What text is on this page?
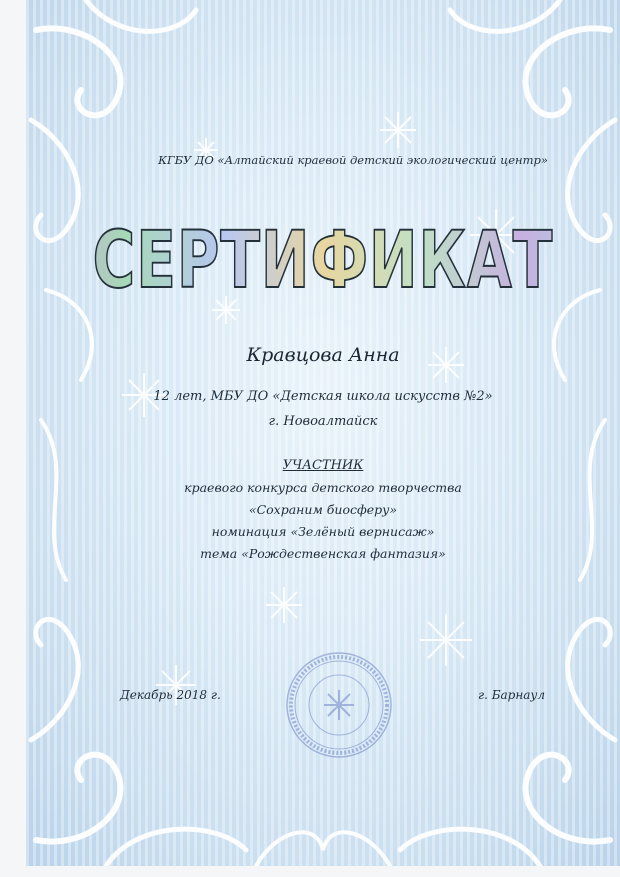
КГБУ ДО «Алтайский краевой детский экологический центр»
СЕРТИФИКАТ
Кравцова Анна
12 лет, МБУ ДО «Детская школа искусств №2»
г. Новоалтайск
УЧАСТНИК
краевого конкурса детского творчества
«Сохраним биосферу»
номинация «Зелёный вернисаж»
тема «Рождественская фантазия»
Декабрь 2018 г.	г. Барнаул
